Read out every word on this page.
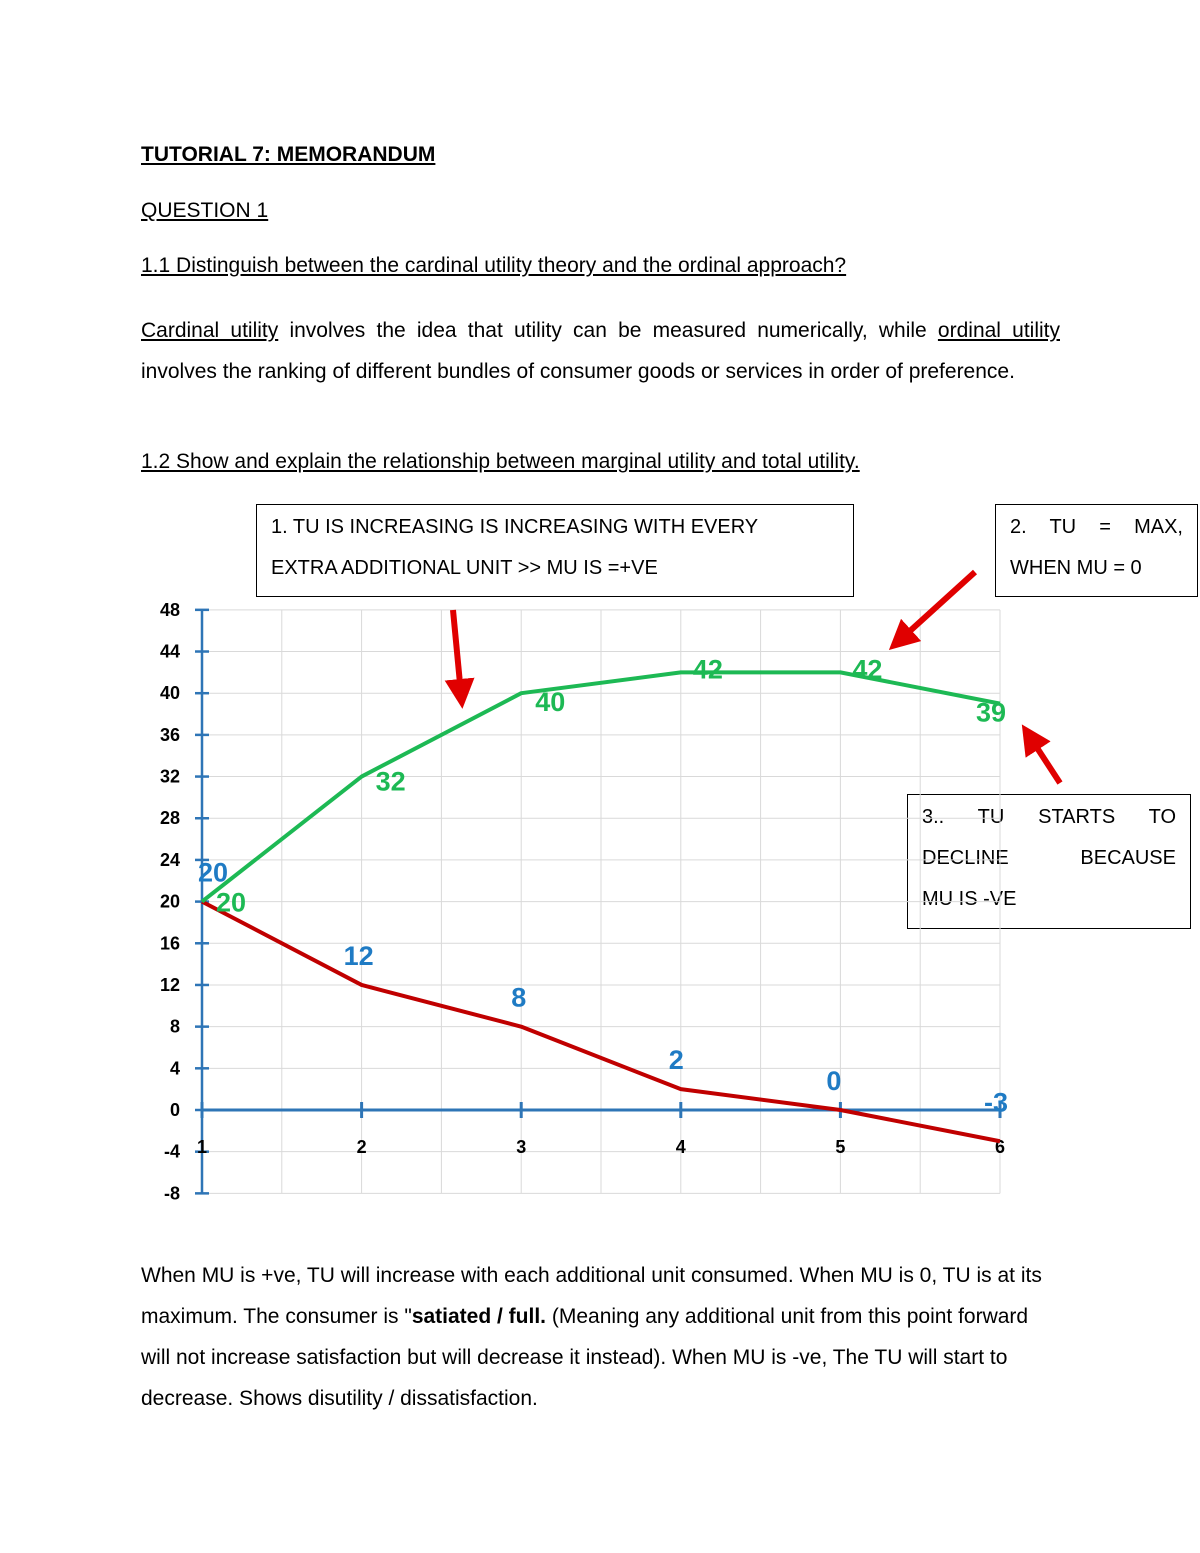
TUTORIAL 7: MEMORANDUM

QUESTION 1

1.1 Distinguish between the cardinal utility theory and the ordinal approach?

Cardinal utility involves the idea that utility can be measured numerically, while ordinal utility involves the ranking of different bundles of consumer goods or services in order of preference.

1.2 Show and explain the relationship between marginal utility and total utility.

1. TU IS INCREASING IS INCREASING WITH EVERY
EXTRA ADDITIONAL UNIT >> MU IS =+VE
2. TU = MAX,
WHEN MU = 0
3.. TU STARTS TO
DECLINE BECAUSE
MU IS -VE
48
44
40
36
32
28
24
20
16
12
8
4
0
-4
-8
1	2	3	4	5	6
20
32
40
42	42
39
20
12
8
2
0
-3

When MU is +ve, TU will increase with each additional unit consumed. When MU is 0, TU is at its maximum. The consumer is "satiated / full. (Meaning any additional unit from this point forward will not increase satisfaction but will decrease it instead). When MU is -ve, The TU will start to decrease. Shows disutility / dissatisfaction.
